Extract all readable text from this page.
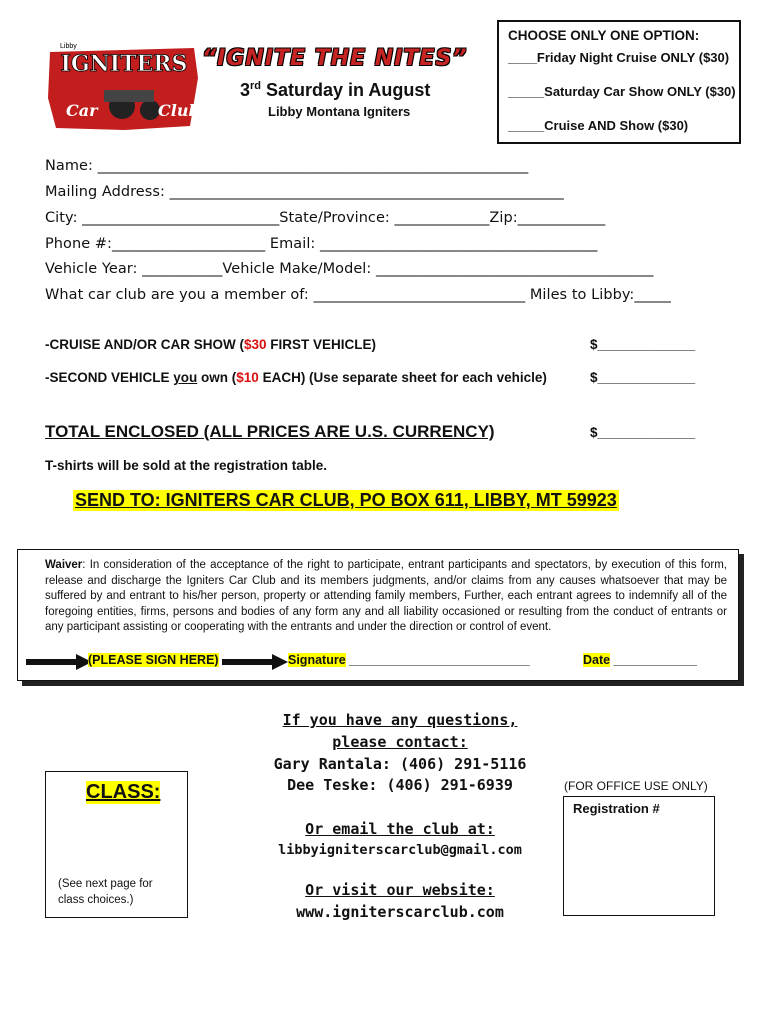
IGNITERS
Libby
Car	Club
“IGNITE THE NITES”
3rd Saturday in August
Libby Montana Igniters
CHOOSE ONLY ONE OPTION:
____Friday Night Cruise ONLY ($30)
_____Saturday Car Show ONLY ($30)
_____Cruise AND Show ($30)
Name: ___________________________________________________________
Mailing Address: ______________________________________________________
City: ___________________________State/Province: _____________Zip:____________
Phone #:_____________________ Email: ______________________________________
Vehicle Year: ___________Vehicle Make/Model: ______________________________________
What car club are you a member of: _____________________________ Miles to Libby:_____
-CRUISE AND/OR CAR SHOW ($30 FIRST VEHICLE)	$_____________
-SECOND VEHICLE you own ($10 EACH) (Use separate sheet for each vehicle)	$_____________
TOTAL ENCLOSED (ALL PRICES ARE U.S. CURRENCY)	$_____________
T-shirts will be sold at the registration table.
SEND TO: IGNITERS CAR CLUB, PO BOX 611, LIBBY, MT 59923
Waiver: In consideration of the acceptance of the right to participate, entrant participants and spectators, by execution of this form, release and discharge the Igniters Car Club and its members judgments, and/or claims from any causes whatsoever that may be suffered by and entrant to his/her person, property or attending family members, Further, each entrant agrees to indemnify all of the foregoing entities, firms, persons and bodies of any form any and all liability occasioned or resulting from the conduct of entrants or any participant assisting or cooperating with the entrants and under the direction or control of event.
(PLEASE SIGN HERE)	Signature __________________________	Date ____________
If you have any questions,
please contact:
Gary Rantala: (406) 291-5116
Dee Teske: (406) 291-6939
Or email the club at:
libbyigniterscarclub@gmail.com
Or visit our website:
www.igniterscarclub.com
CLASS:
(See next page for class choices.)
(FOR OFFICE USE ONLY)
Registration #
